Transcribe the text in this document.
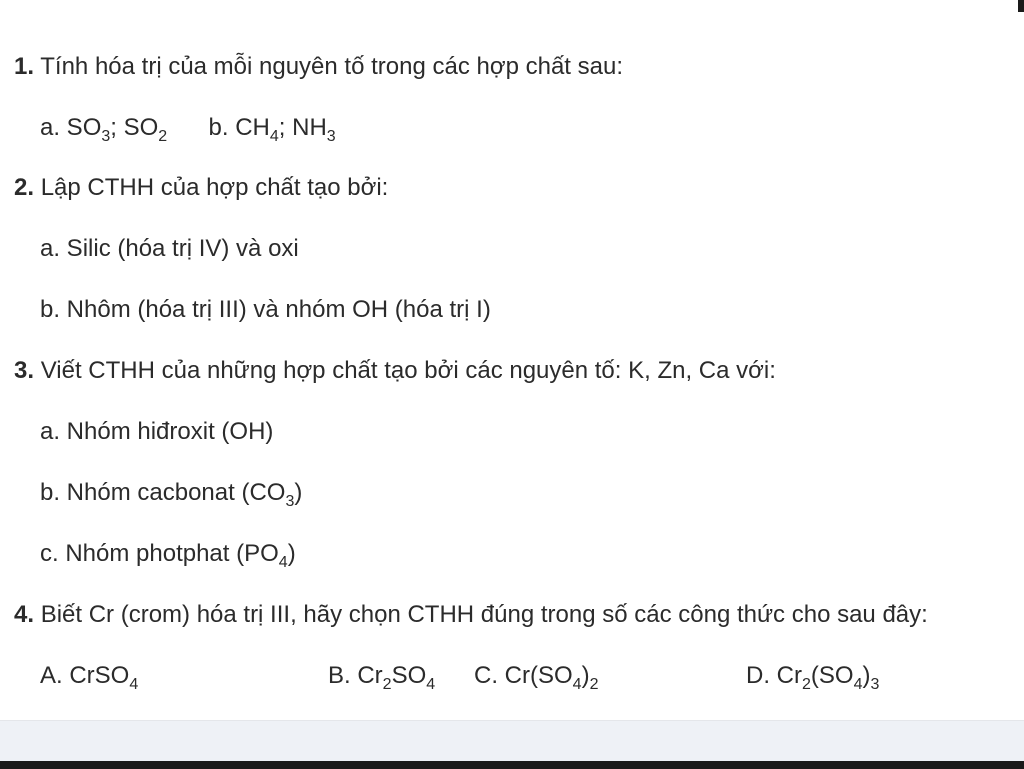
1. Tính hóa trị của mỗi nguyên tố trong các hợp chất sau:
a. $SO_3$; $SO_2$ b. $CH_4$; $NH_3$
2. Lập CTHH của hợp chất tạo bởi:
a. Silic (hóa trị IV) và oxi
b. Nhôm (hóa trị III) và nhóm OH (hóa trị I)
3. Viết CTHH của những hợp chất tạo bởi các nguyên tố: K, Zn, Ca với:
a. Nhóm hiđroxit (OH)
b. Nhóm cacbonat $(CO_3)$
c. Nhóm photphat $(PO_4)$
4. Biết Cr (crom) hóa trị III, hãy chọn CTHH đúng trong số các công thức cho sau đây:
A. CrSO$_4$	B. $Cr_2SO_4$ C. $Cr(SO_4)_2$	D. $Cr_2(SO_4)_3$
